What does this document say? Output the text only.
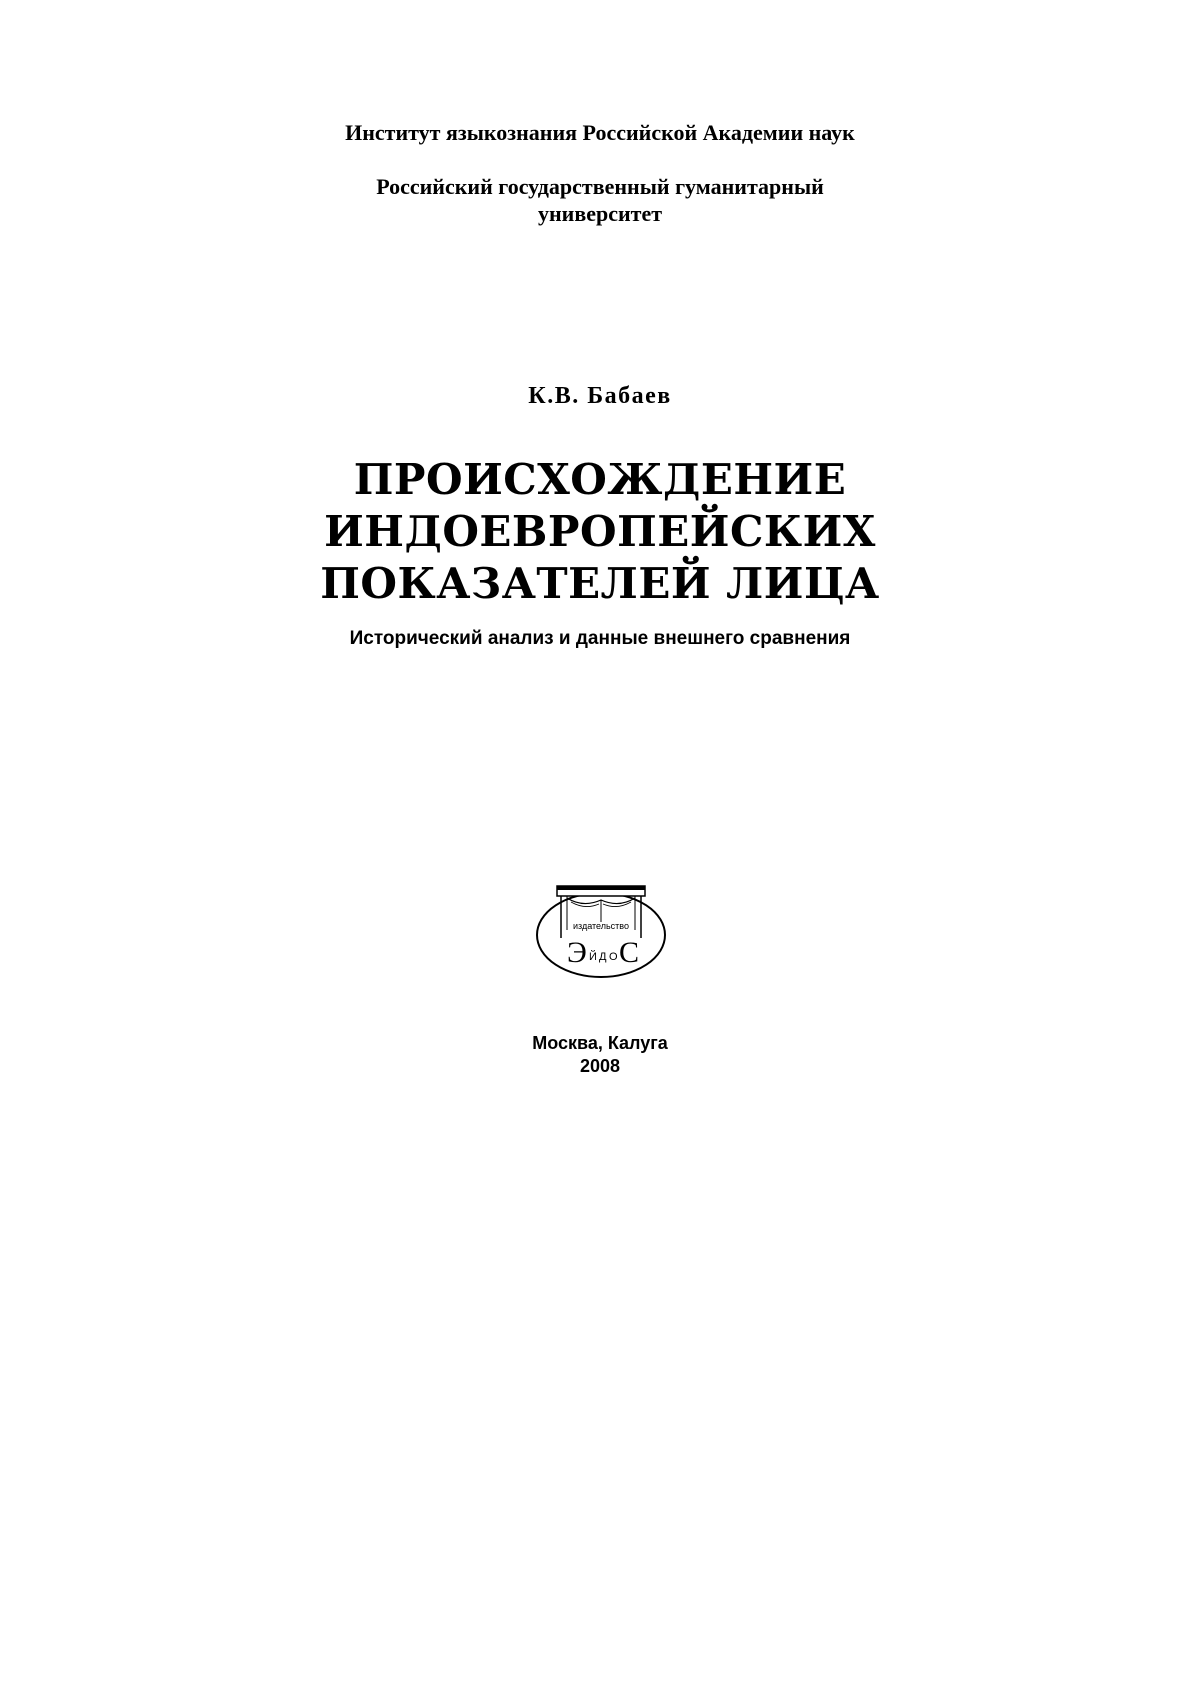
Институт языкознания Российской Академии наук
Российский государственный гуманитарный
университет
К.В. Бабаев
ПРОИСХОЖДЕНИЕ
ИНДОЕВРОПЕЙСКИХ
ПОКАЗАТЕЛЕЙ ЛИЦА
Исторический анализ и данные внешнего сравнения
издательство
Э Й Д О С
Москва, Калуга
2008
